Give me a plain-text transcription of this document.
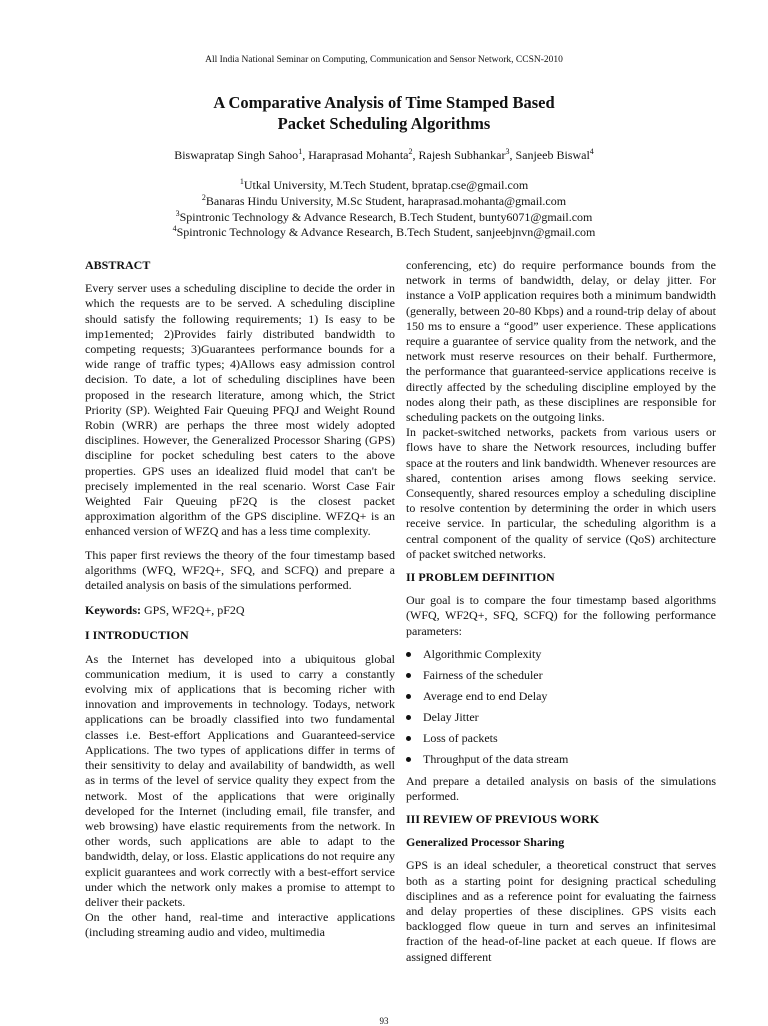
All India National Seminar on Computing, Communication and Sensor Network, CCSN-2010
A Comparative Analysis of Time Stamped Based
Packet Scheduling Algorithms
Biswapratap Singh Sahoo$^1$, Haraprasad Mohanta$^2$, Rajesh Subhankar$^3$, Sanjeeb Biswal$^4$
$^1$Utkal University, M.Tech Student, bpratap.cse@gmail.com
$^2$Banaras Hindu University, M.Sc Student, haraprasad.mohanta@gmail.com
$^3$Spintronic Technology & Advance Research, B.Tech Student, bunty6071@gmail.com
$^4$Spintronic Technology & Advance Research, B.Tech Student, sanjeebjnvn@gmail.com
ABSTRACT

Every server uses a scheduling discipline to decide the order in which the requests are to be served. A scheduling discipline should satisfy the following requirements; 1) Is easy to be imp1emented; 2)Provides fairly distributed bandwidth to competing requests; 3)Guarantees performance bounds for a wide range of traffic types; 4)Allows easy admission control decision. To date, a lot of scheduling disciplines have been proposed in the research literature, among which, the Strict Priority (SP). Weighted Fair Queuing PFQJ and Weight Round Robin (WRR) are perhaps the three most widely adopted disciplines. However, the Generalized Processor Sharing (GPS) discipline for pocket scheduling best caters to the above properties. GPS uses an idealized fluid model that can't be precisely implemented in the real scenario. Worst Case Fair Weighted Fair Queuing pF2Q is the closest packet approximation algorithm of the GPS discipline. WFZQ+ is an enhanced version of WFZQ and has a less time complexity.

This paper first reviews the theory of the four timestamp based algorithms (WFQ, WF2Q+, SFQ, and SCFQ) and prepare a detailed analysis on basis of the simulations performed.

Keywords: GPS, WF2Q+, pF2Q

I INTRODUCTION

As the Internet has developed into a ubiquitous global communication medium, it is used to carry a constantly evolving mix of applications that is becoming richer with innovation and improvements in technology. Todays, network applications can be broadly classified into two fundamental classes i.e. Best-effort Applications and Guaranteed-service Applications. The two types of applications differ in terms of their sensitivity to delay and availability of bandwidth, as well as in terms of the level of service quality they expect from the network. Most of the applications that were originally developed for the Internet (including email, file transfer, and web browsing) have elastic requirements from the network. In other words, such applications are able to adapt to the bandwidth, delay, or loss. Elastic applications do not require any explicit guarantees and work correctly with a best-effort service under which the network only makes a promise to attempt to deliver their packets.

On the other hand, real-time and interactive applications (including streaming audio and video, multimedia

conferencing, etc) do require performance bounds from the network in terms of bandwidth, delay, or delay jitter. For instance a VoIP application requires both a minimum bandwidth (generally, between 20-80 Kbps) and a round-trip delay of about 150 ms to ensure a “good” user experience. These applications require a guarantee of service quality from the network, and the network must reserve resources on their behalf. Furthermore, the performance that guaranteed-service applications receive is directly affected by the scheduling discipline employed by the nodes along their path, as these disciplines are responsible for scheduling packets on the outgoing links.

In packet-switched networks, packets from various users or flows have to share the Network resources, including buffer space at the routers and link bandwidth. Whenever resources are shared, contention arises among flows seeking service. Consequently, shared resources employ a scheduling discipline to resolve contention by determining the order in which users receive service. In particular, the scheduling algorithm is a central component of the quality of service (QoS) architecture of packet switched networks.

II PROBLEM DEFINITION

Our goal is to compare the four timestamp based algorithms (WFQ, WF2Q+, SFQ, SCFQ) for the following performance parameters:

Algorithmic Complexity
Fairness of the scheduler
Average end to end Delay
Delay Jitter
Loss of packets
Throughput of the data stream

And prepare a detailed analysis on basis of the simulations performed.

III REVIEW OF PREVIOUS WORK
Generalized Processor Sharing

GPS is an ideal scheduler, a theoretical construct that serves both as a starting point for designing practical scheduling disciplines and as a reference point for evaluating the fairness and delay properties of these disciplines. GPS visits each backlogged flow queue in turn and serves an infinitesimal fraction of the head-of-line packet at each queue. If flows are assigned different

93
